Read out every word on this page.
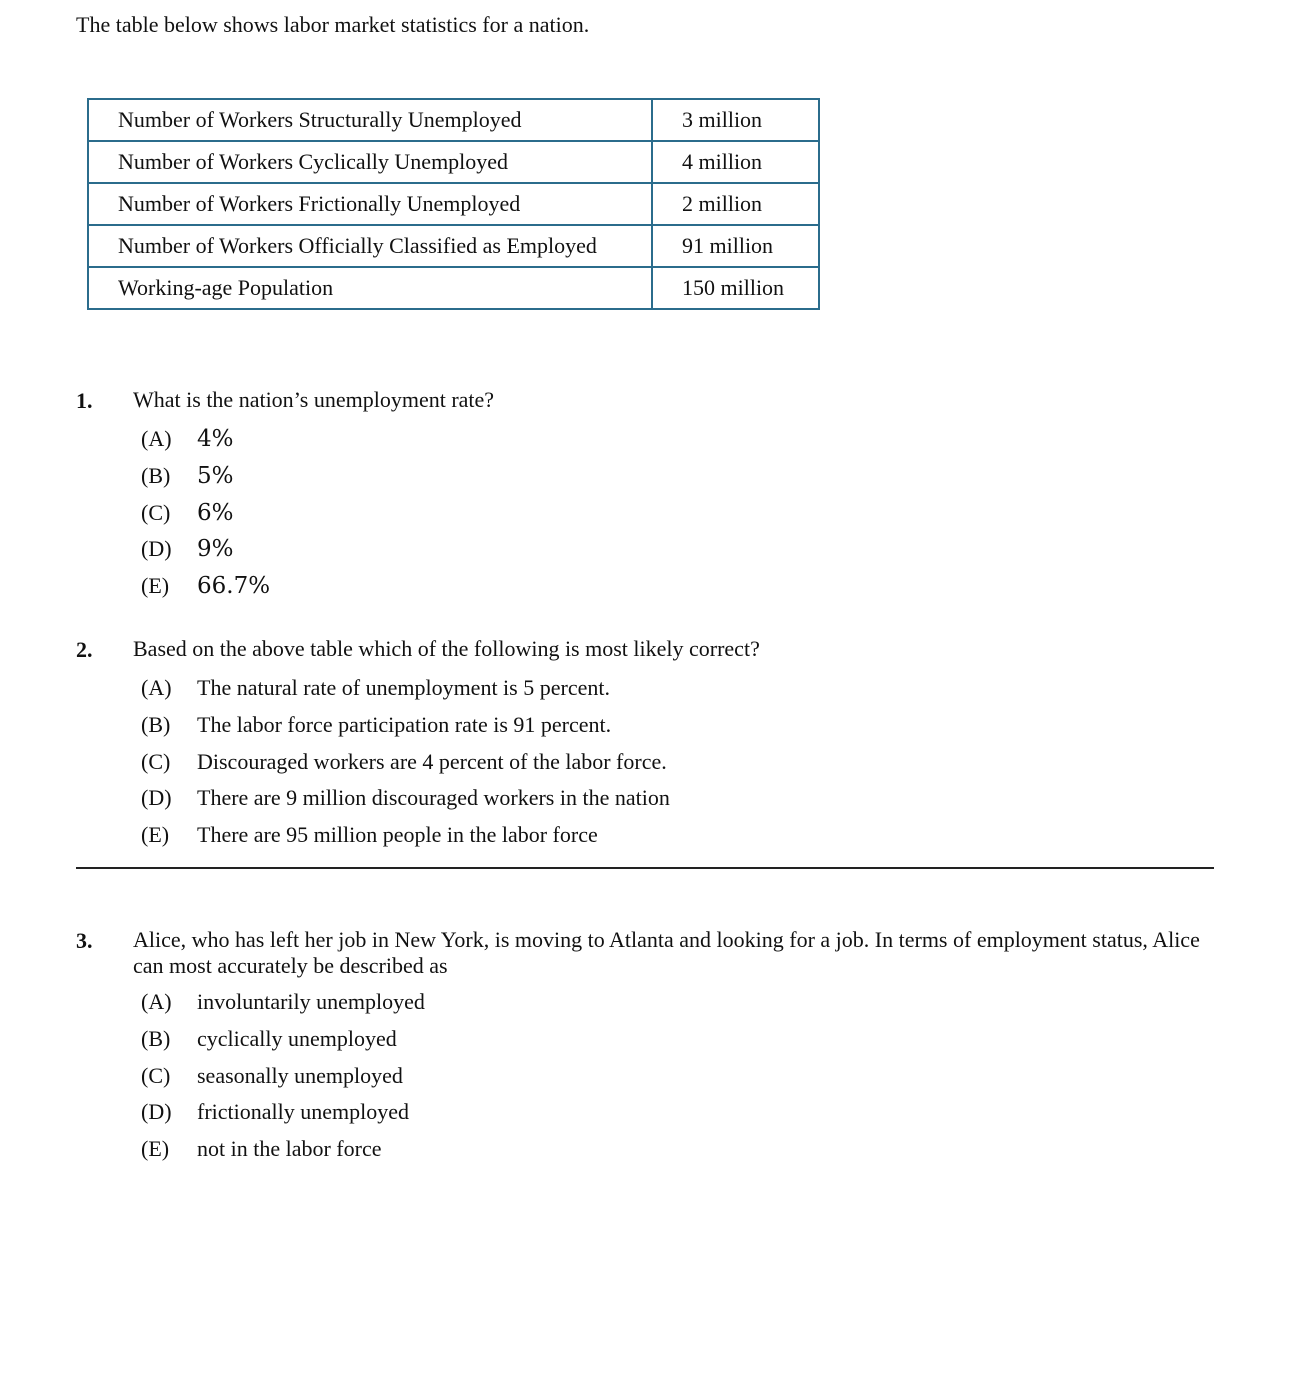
The table below shows labor market statistics for a nation.
Number of Workers Structurally Unemployed	3 million
Number of Workers Cyclically Unemployed	4 million
Number of Workers Frictionally Unemployed	2 million
Number of Workers Officially Classified as Employed	91 million
Working-age Population	150 million
1. What is the nation’s unemployment rate?
(A)	4%
(B)	5%
(C)	6%
(D)	9%
(E)	66.7%
2. Based on the above table which of the following is most likely correct?
(A)	The natural rate of unemployment is 5 percent.
(B)	The labor force participation rate is 91 percent.
(C)	Discouraged workers are 4 percent of the labor force.
(D)	There are 9 million discouraged workers in the nation
(E)	There are 95 million people in the labor force
3. Alice, who has left her job in New York, is moving to Atlanta and looking for a job. In terms of employment status, Alice can most accurately be described as
(A)	involuntarily unemployed
(B)	cyclically unemployed
(C)	seasonally unemployed
(D)	frictionally unemployed
(E)	not in the labor force
